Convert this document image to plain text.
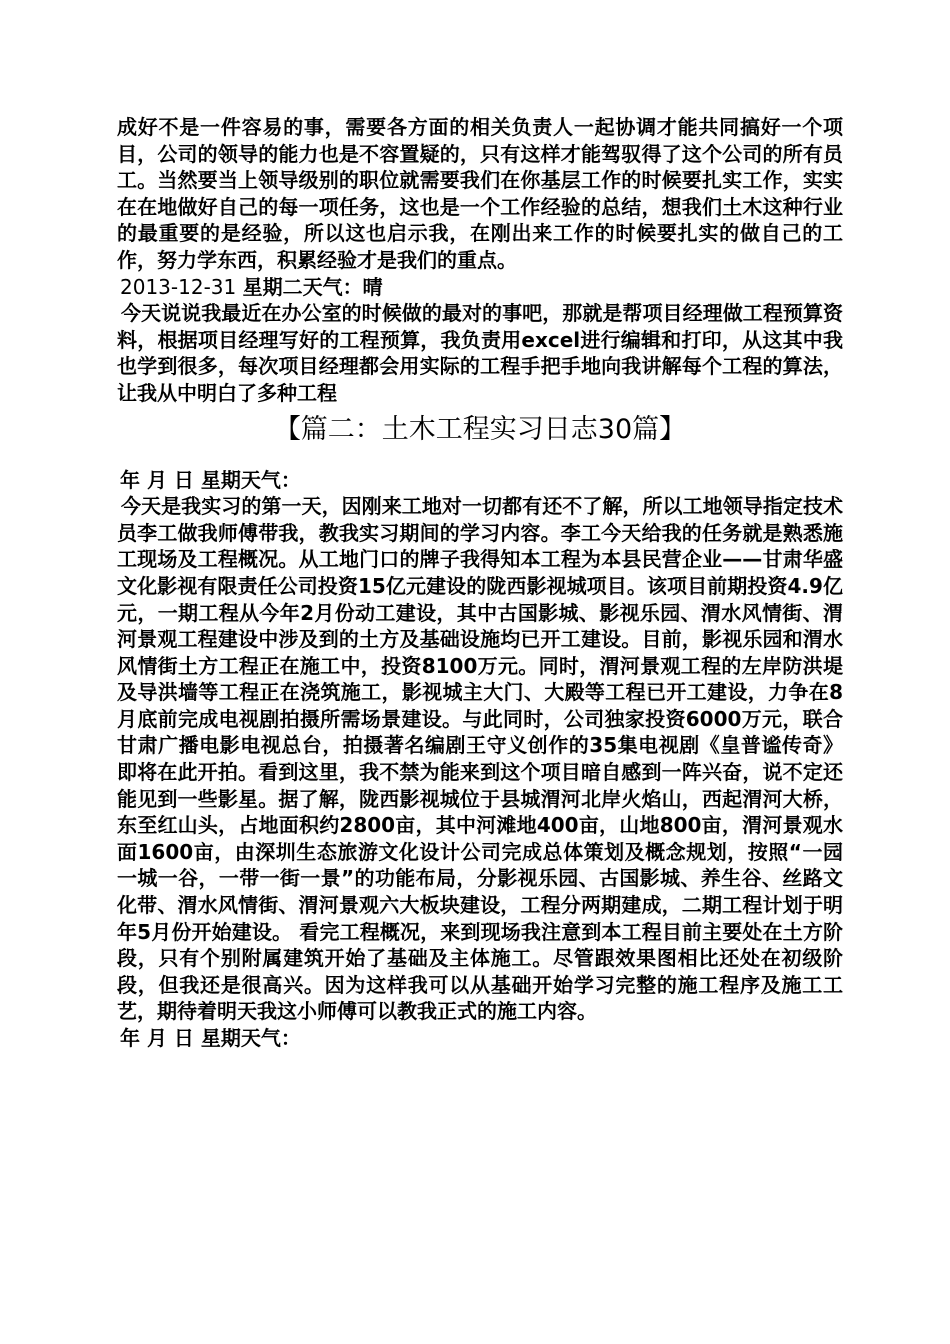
成好不是一件容易的事，需要各方面的相关负责人一起协调才能共同搞好一个项目，公司的领导的能力也是不容置疑的，只有这样才能驾驭得了这个公司的所有员工。当然要当上领导级别的职位就需要我们在你基层工作的时候要扎实工作，实实在在地做好自己的每一项任务，这也是一个工作经验的总结，想我们土木这种行业的最重要的是经验，所以这也启示我，在刚出来工作的时候要扎实的做自己的工作，努力学东西，积累经验才是我们的重点。

2013-12-31 星期二天气：晴

今天说说我最近在办公室的时候做的最对的事吧，那就是帮项目经理做工程预算资料，根据项目经理写好的工程预算，我负责用excel进行编辑和打印，从这其中我也学到很多，每次项目经理都会用实际的工程手把手地向我讲解每个工程的算法，让我从中明白了多种工程

【篇二：土木工程实习日志30篇】

年 月 日 星期天气：

今天是我实习的第一天，因刚来工地对一切都有还不了解，所以工地领导指定技术员李工做我师傅带我，教我实习期间的学习内容。李工今天给我的任务就是熟悉施工现场及工程概况。从工地门口的牌子我得知本工程为本县民营企业——甘肃华盛文化影视有限责任公司投资15亿元建设的陇西影视城项目。该项目前期投资4.9亿元，一期工程从今年2月份动工建设，其中古国影城、影视乐园、渭水风情街、渭河景观工程建设中涉及到的土方及基础设施均已开工建设。目前，影视乐园和渭水风情街土方工程正在施工中，投资8100万元。同时，渭河景观工程的左岸防洪堤及导洪墙等工程正在浇筑施工，影视城主大门、大殿等工程已开工建设，力争在8月底前完成电视剧拍摄所需场景建设。与此同时，公司独家投资6000万元，联合甘肃广播电影电视总台，拍摄著名编剧王守义创作的35集电视剧《皇普谧传奇》即将在此开拍。看到这里，我不禁为能来到这个项目暗自感到一阵兴奋，说不定还能见到一些影星。据了解，陇西影视城位于县城渭河北岸火焰山，西起渭河大桥，东至红山头，占地面积约2800亩，其中河滩地400亩，山地800亩，渭河景观水面1600亩，由深圳生态旅游文化设计公司完成总体策划及概念规划，按照“一园一城一谷，一带一街一景”的功能布局，分影视乐园、古国影城、养生谷、丝路文化带、渭水风情街、渭河景观六大板块建设，工程分两期建成，二期工程计划于明年5月份开始建设。 看完工程概况，来到现场我注意到本工程目前主要处在土方阶段，只有个别附属建筑开始了基础及主体施工。尽管跟效果图相比还处在初级阶段，但我还是很高兴。因为这样我可以从基础开始学习完整的施工程序及施工工艺，期待着明天我这小师傅可以教我正式的施工内容。

年 月 日 星期天气：
